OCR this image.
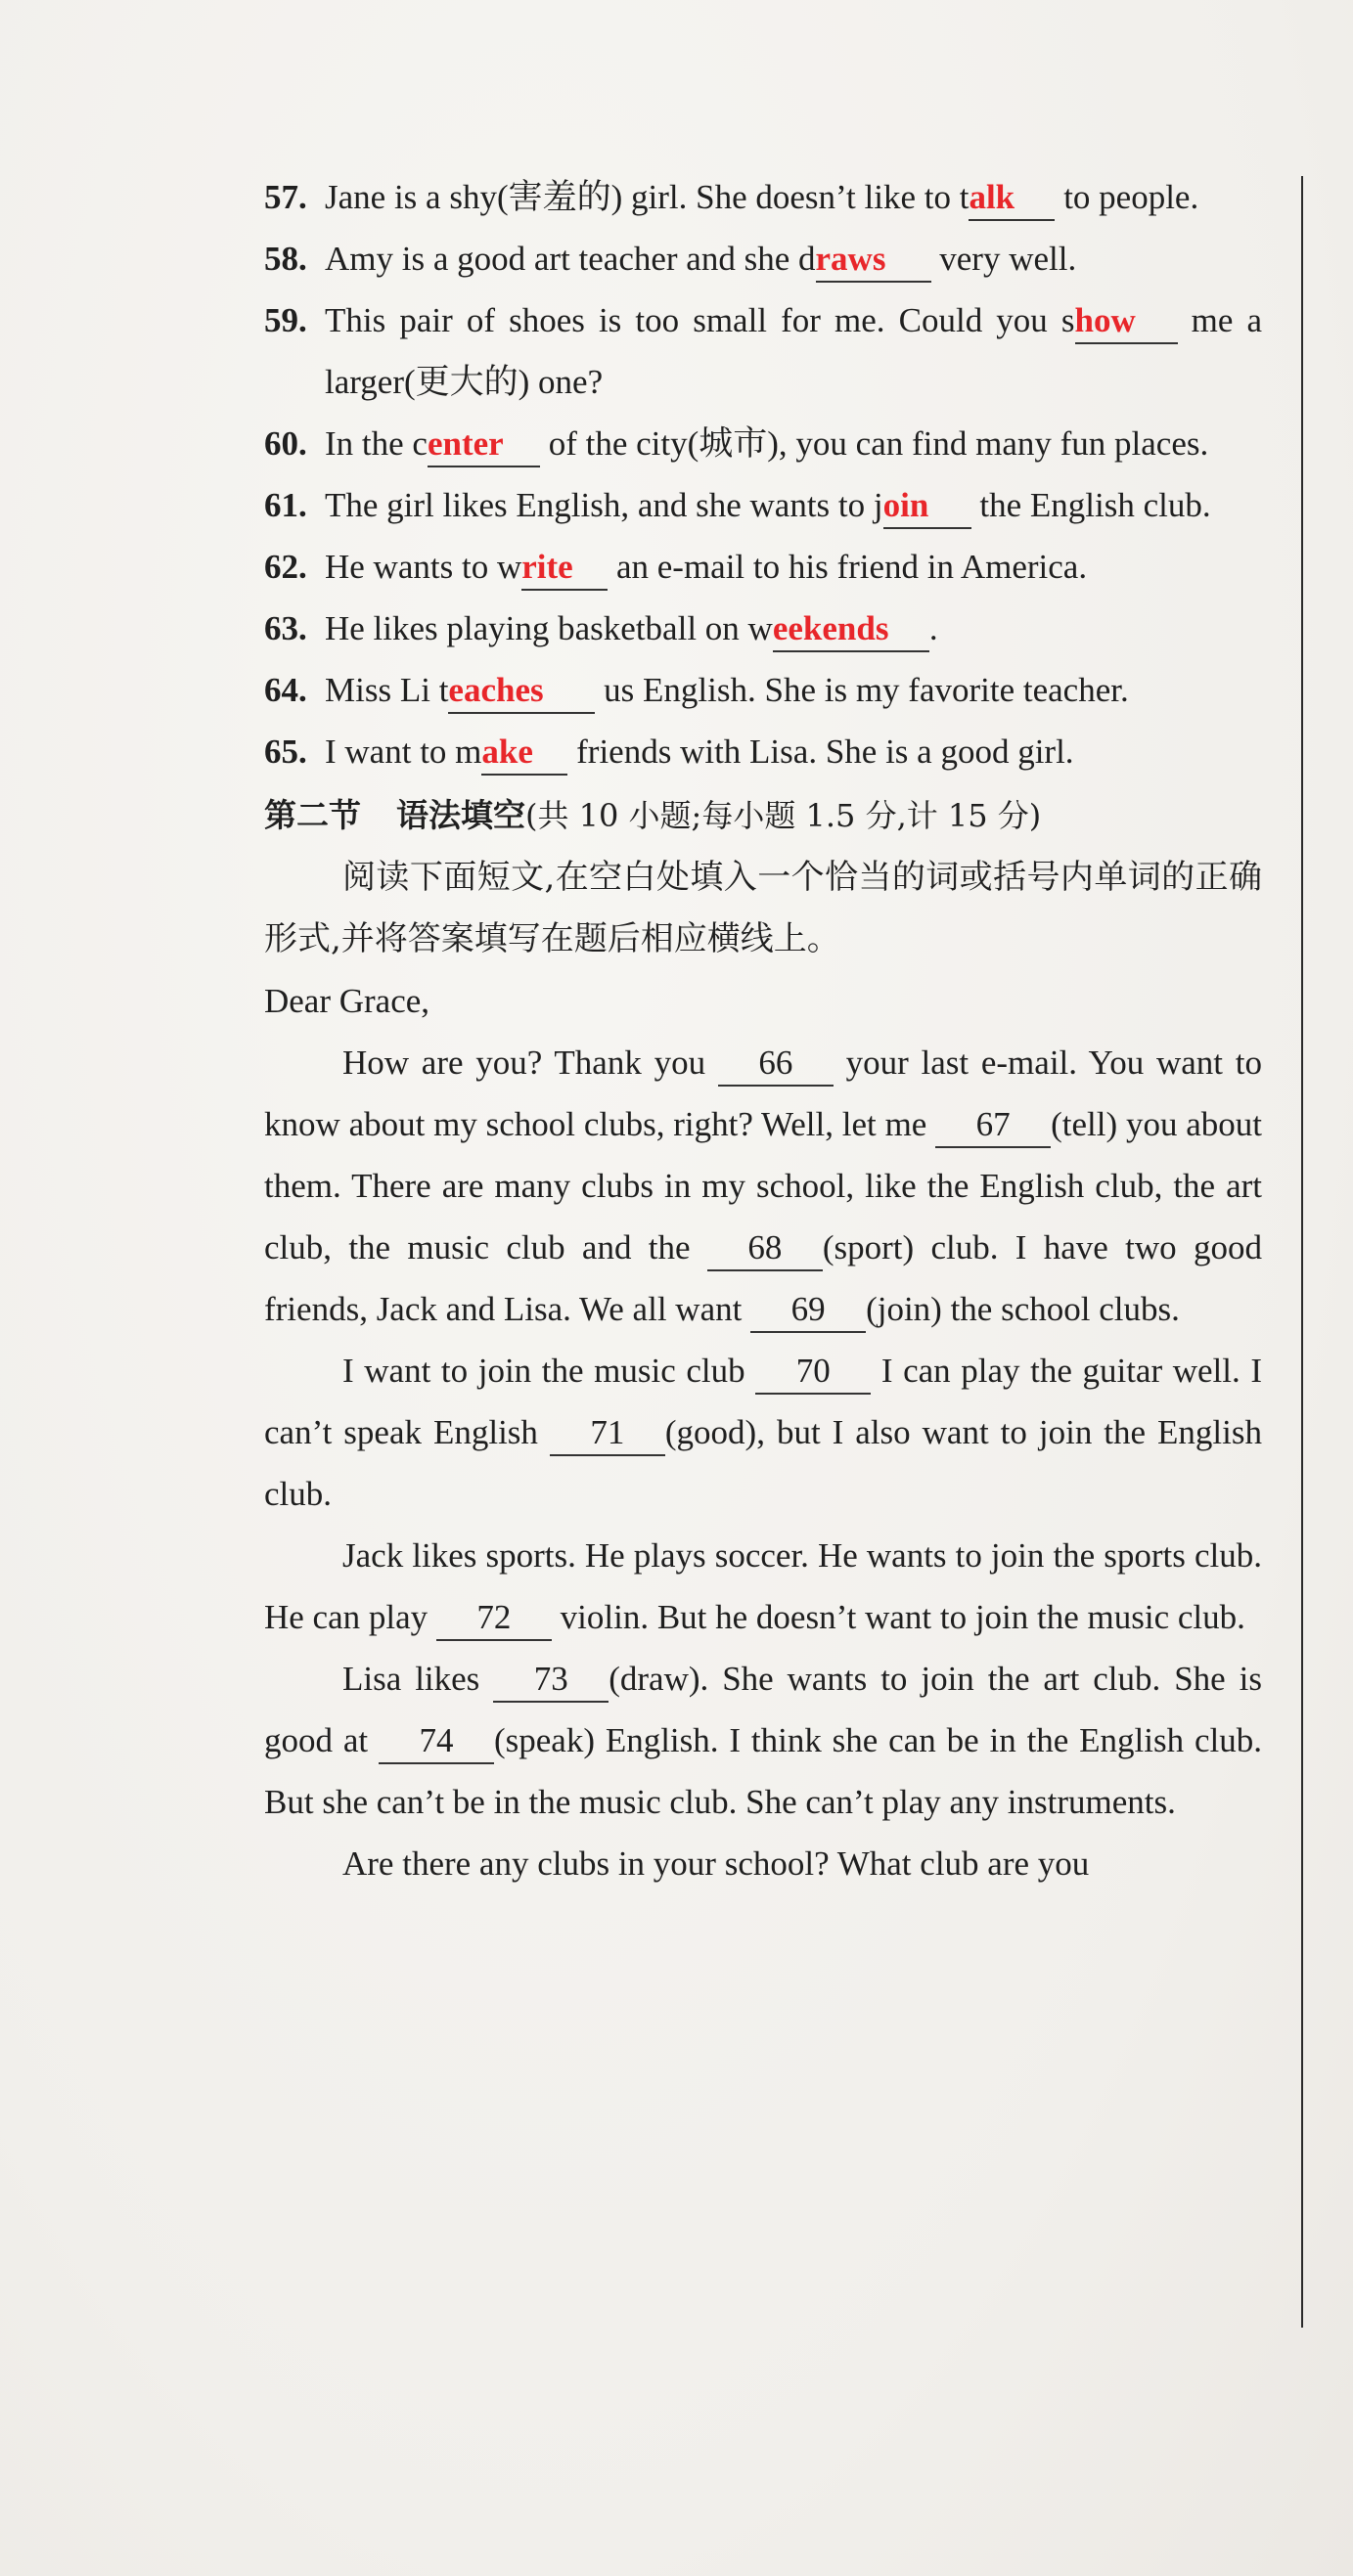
57. Jane is a shy(害羞的) girl. She doesn’t like to talk to people.
58. Amy is a good art teacher and she draws very well.
59. This pair of shoes is too small for me. Could you show me a larger(更大的) one?
60. In the center of the city(城市), you can find many fun places.
61. The girl likes English, and she wants to join the English club.
62. He wants to write an e-mail to his friend in America.
63. He likes playing basketball on weekends .
64. Miss Li teaches us English. She is my favorite teacher.
65. I want to make friends with Lisa. She is a good girl.
第二节 语法填空(共 10 小题;每小题 1.5 分,计 15 分)
阅读下面短文,在空白处填入一个恰当的词或括号内单词的正确形式,并将答案填写在题后相应横线上。
Dear Grace,
How are you? Thank you 66 your last e-mail. You want to know about my school clubs, right? Well, let me 67 (tell) you about them. There are many clubs in my school, like the English club, the art club, the music club and the 68 (sport) club. I have two good friends, Jack and Lisa. We all want 69 (join) the school clubs.
I want to join the music club 70 I can play the guitar well. I can’t speak English 71 (good), but I also want to join the English club.
Jack likes sports. He plays soccer. He wants to join the sports club. He can play 72 violin. But he doesn’t want to join the music club.
Lisa likes 73 (draw). She wants to join the art club. She is good at 74 (speak) English. I think she can be in the English club. But she can’t be in the music club. She can’t play any instruments.
Are there any clubs in your school? What club are you
